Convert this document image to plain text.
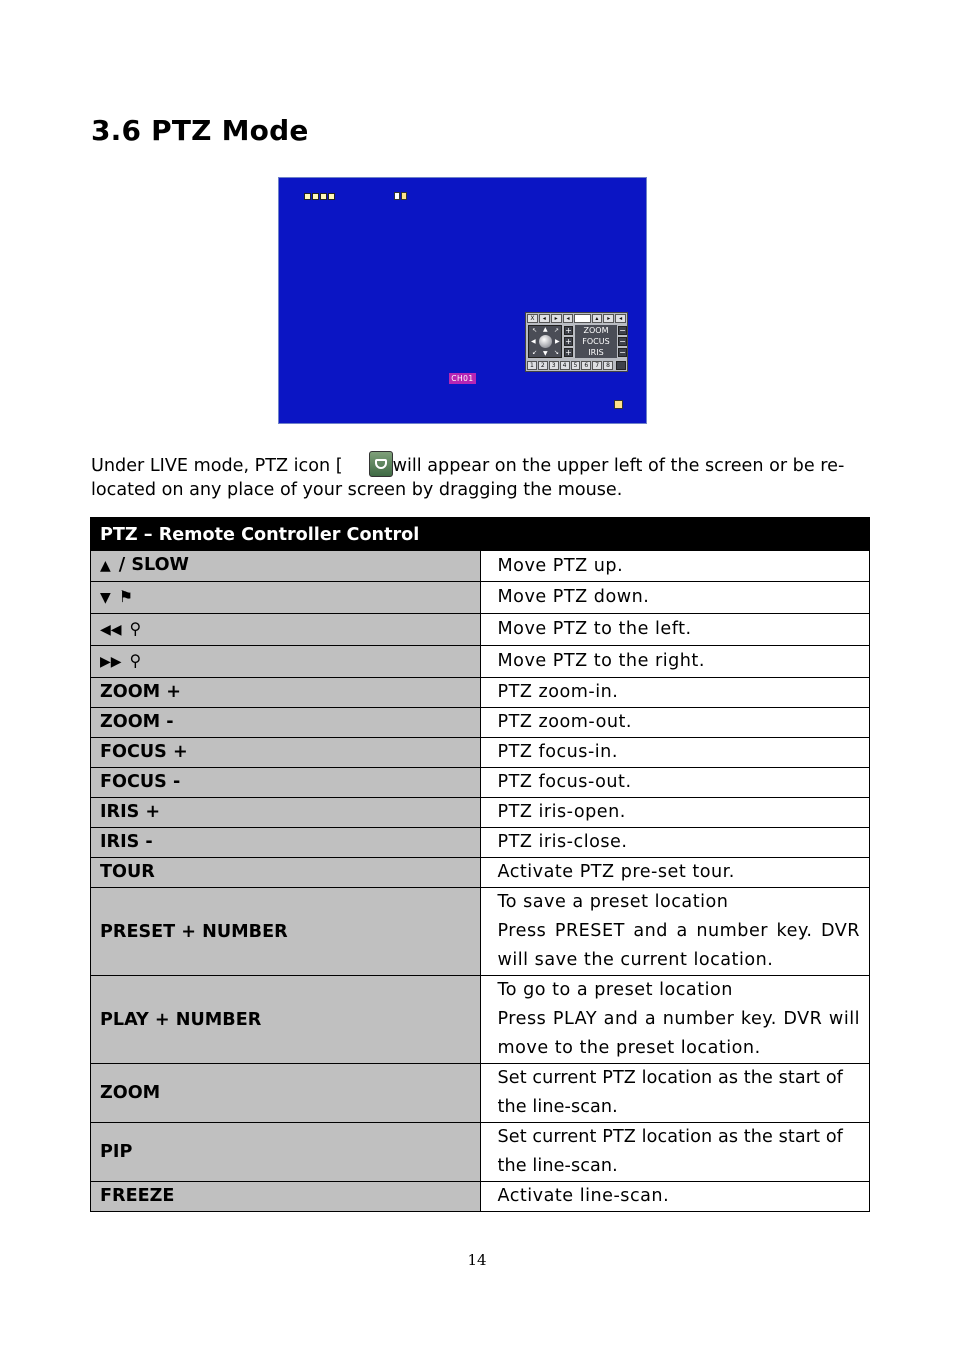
3.6 PTZ Mode
X	◂	▸	◂	▴	▸	◂
↖ ▲ ↗
◀	▶
↙ ▼ ↘
+
+
+
ZOOM
FOCUS
IRIS
−
−
−
1	2	3	4	5	6	7	8
CH01

Under LIVE mode, PTZ icon [	will appear on the upper left of the screen or be re-located on any place of your screen by dragging the mouse.

PTZ – Remote Controller Control	
▲ / SLOW	Move PTZ up.
▼ ⚑	Move PTZ down.
◀◀ ⚲	Move PTZ to the left.
▶▶ ⚲	Move PTZ to the right.
ZOOM +	PTZ zoom-in.
ZOOM -	PTZ zoom-out.
FOCUS +	PTZ focus-in.
FOCUS -	PTZ focus-out.
IRIS +	PTZ iris-open.
IRIS -	PTZ iris-close.
TOUR	Activate PTZ pre-set tour.
PRESET + NUMBER	To save a preset location
Press PRESET and a number key. DVR will save the current location.

PLAY + NUMBER	To go to a preset location
Press PLAY and a number key. DVR will move to the preset location.

ZOOM	Set current PTZ location as the start of the line-scan.
PIP	Set current PTZ location as the start of the line-scan.
FREEZE	Activate line-scan.
14
